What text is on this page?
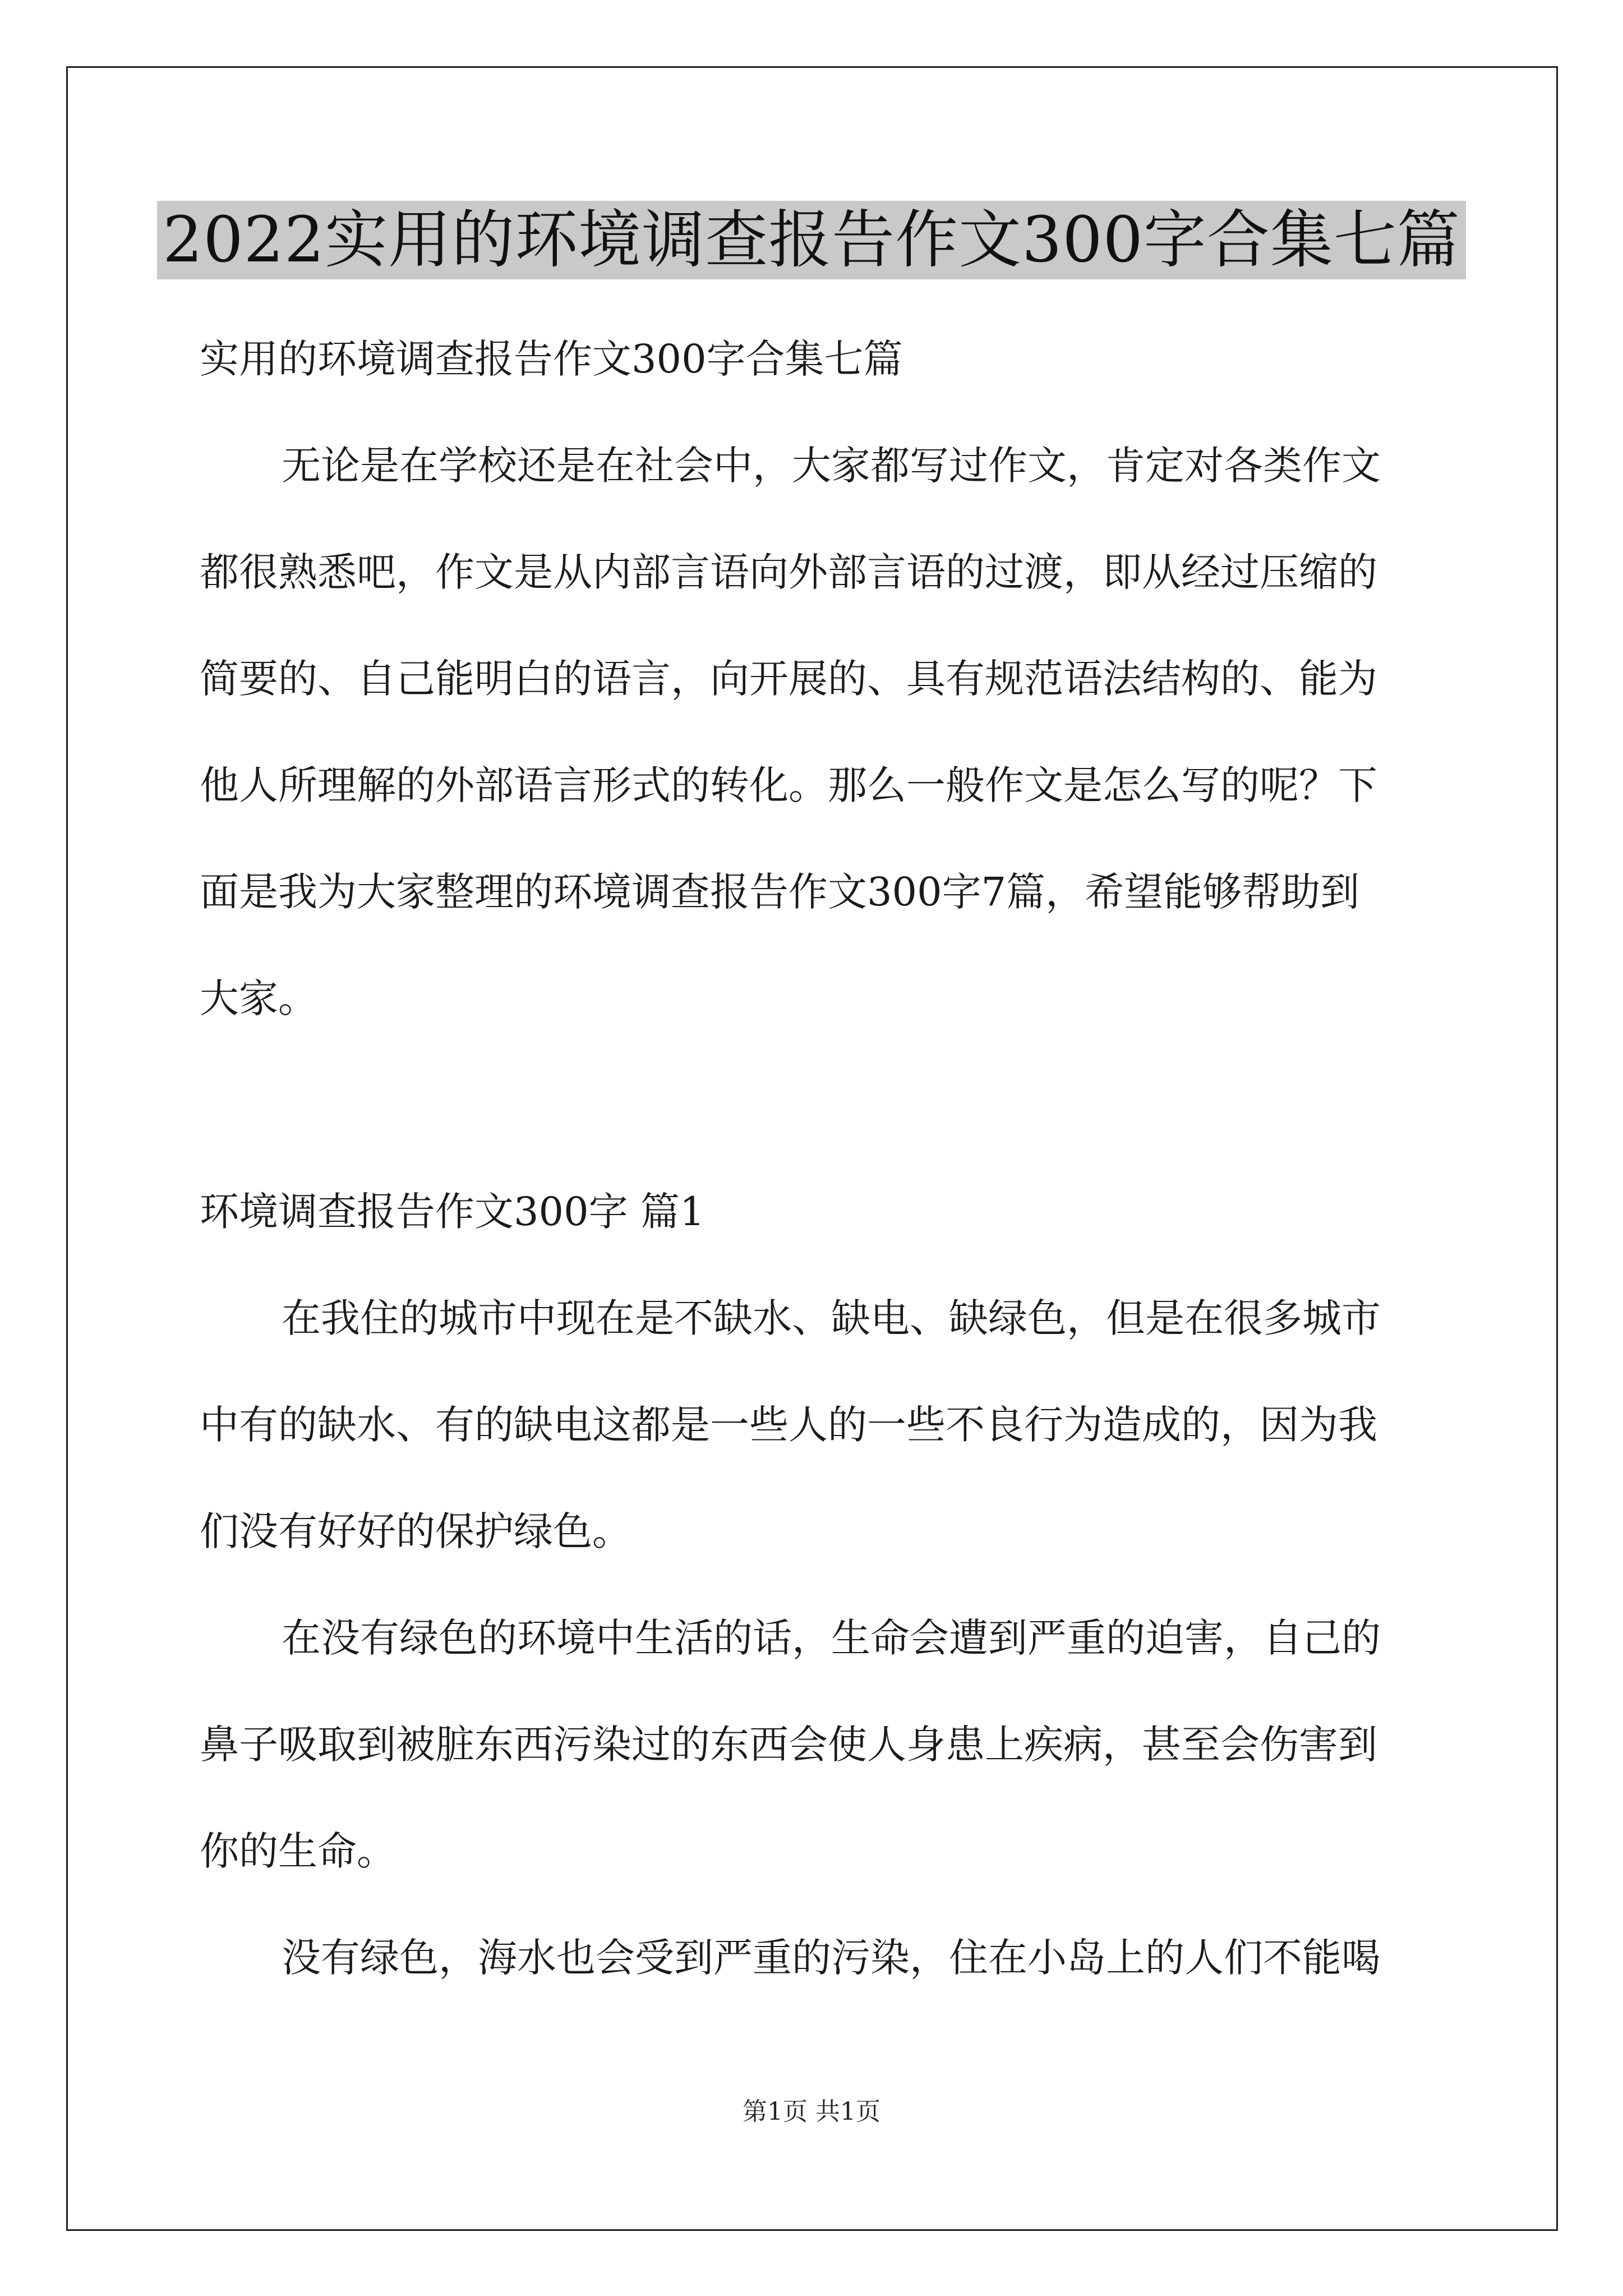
2022实用的环境调查报告作文300字合集七篇
实用的环境调查报告作文300字合集七篇
无论是在学校还是在社会中，大家都写过作文，肯定对各类作文
都很熟悉吧，作文是从内部言语向外部言语的过渡，即从经过压缩的
简要的、自己能明白的语言，向开展的、具有规范语法结构的、能为
他人所理解的外部语言形式的转化。那么一般作文是怎么写的呢？下
面是我为大家整理的环境调查报告作文300字7篇，希望能够帮助到
大家。
环境调查报告作文300字 篇1
在我住的城市中现在是不缺水、缺电、缺绿色，但是在很多城市
中有的缺水、有的缺电这都是一些人的一些不良行为造成的，因为我
们没有好好的保护绿色。
在没有绿色的环境中生活的话，生命会遭到严重的迫害，自己的
鼻子吸取到被脏东西污染过的东西会使人身患上疾病，甚至会伤害到
你的生命。
没有绿色，海水也会受到严重的污染，住在小岛上的人们不能喝
第1页 共1页
